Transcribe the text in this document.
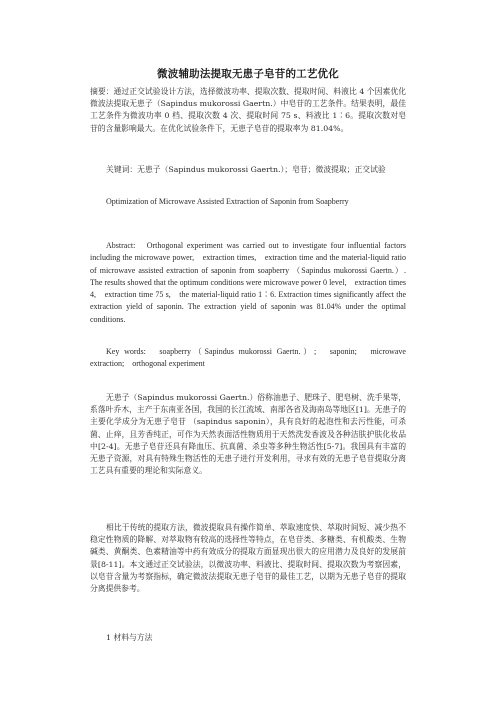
微波辅助法提取无患子皂苷的工艺优化

摘要：通过正交试验设计方法，选择微波功率、提取次数、提取时间、料液比 4 个因素优化微波法提取无患子（Sapindus mukorossi Gaertn.）中皂苷的工艺条件。结果表明，最佳工艺条件为微波功率 0 档、提取次数 4 次、提取时间 75 s、料液比 1∶6。提取次数对皂苷的含量影响最大。在优化试验条件下，无患子皂苷的提取率为 81.04%。

关键词：无患子（Sapindus mukorossi Gaertn.）；皂苷；微波提取；正交试验

Optimization of Microwave Assisted Extraction of Saponin from Soapberry

Abstract:　Orthogonal experiment was carried out to investigate four influential factors including the microwave power,　extraction times,　extraction time and the material-liquid ratio of microwave assisted extraction of saponin from soapberry （Sapindus mukorossi Gaertn.）. The results showed that the optimum conditions were microwave power 0 level,　extraction times 4,　extraction time 75 s,　the material-liquid ratio 1∶6. Extraction times significantly affect the extraction yield of saponin. The extraction yield of saponin was 81.04% under the optimal conditions.

Key words:　soapberry（Sapindus mukorossi Gaertn.）;　saponin;　microwave extraction;　orthogonal experiment

无患子（Sapindus mukorossi Gaertn.）俗称油患子、肥珠子、肥皂树、洗手果等，系落叶乔木，主产于东南亚各国，我国的长江流域、南部各省及海南岛等地区[1]。无患子的主要化学成分为无患子皂苷 （sapindus saponin），具有良好的起泡性和去污性能，可杀菌、止痒，且芳香纯正，可作为天然表面活性物质用于天然洗发香波及各种洁肤护肤化妆品中[2-4]。无患子皂苷还具有降血压、抗真菌、杀虫等多种生物活性[5-7]。我国具有丰富的无患子资源，对具有特殊生物活性的无患子进行开发利用，寻求有效的无患子皂苷提取分离工艺具有重要的理论和实际意义。

相比于传统的提取方法，微波提取具有操作简单、萃取速度快、萃取时间短、减少热不稳定性物质的降解、对萃取物有较高的选择性等特点，在皂苷类、多糖类、有机酸类、生物碱类、黄酮类、色素精油等中药有效成分的提取方面显现出很大的应用潜力及良好的发展前景[8-11]。本文通过正交试验法，以微波功率、料液比、提取时间、提取次数为考察因素，以皂苷含量为考察指标，确定微波法提取无患子皂苷的最佳工艺，以期为无患子皂苷的提取分离提供参考。

1 材料与方法
